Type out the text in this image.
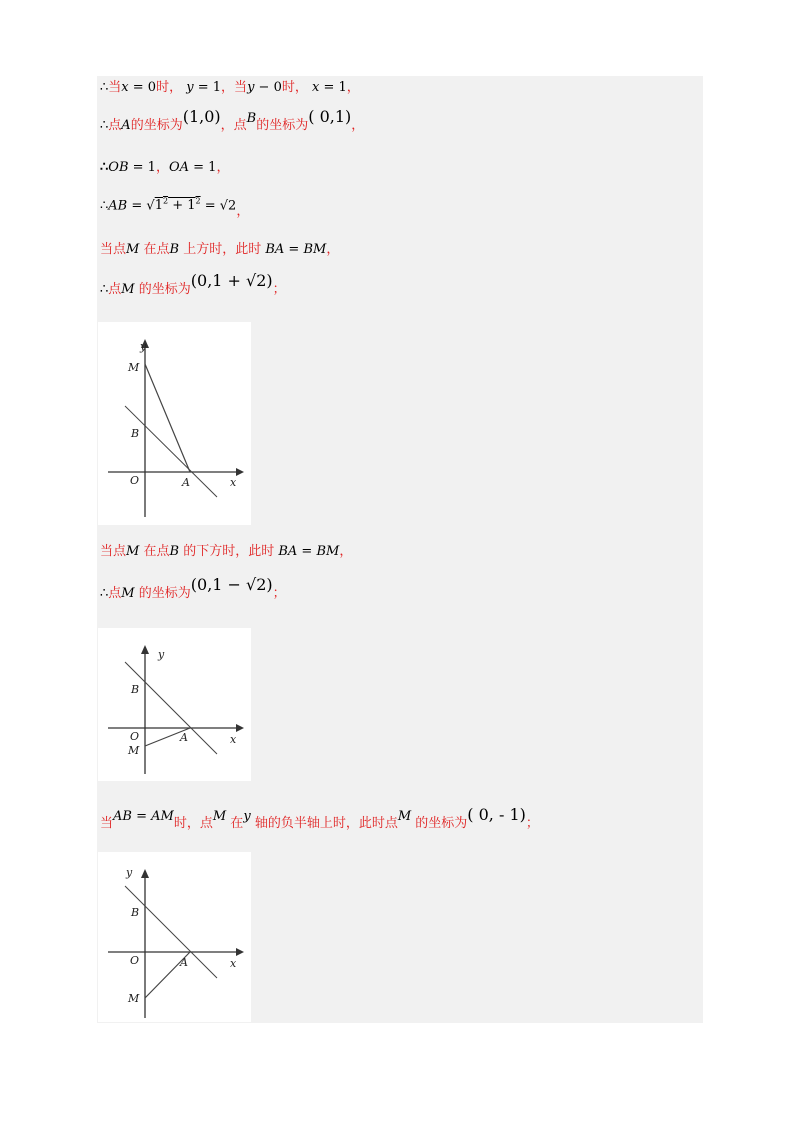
∴当x = 0时， y = 1，当y − 0时， x = 1，
∴点A的坐标为(1,0)，点B的坐标为( 0,1)，
∴OB = 1，OA = 1，
∴AB = $√1^2 + 1^2 = √2$，
当点M 在点B 上方时，此时 BA = BM，
∴点M 的坐标为(0,1 + √2)；
y
x
O	A
B
M
当点M 在点B 的下方时，此时 BA = BM，
∴点M 的坐标为(0,1 − √2)；
y
x
O	A
B
M
当AB = AM时，点M 在y 轴的负半轴上时，此时点M 的坐标为( 0, - 1)；
y
x
O	A
B
M
